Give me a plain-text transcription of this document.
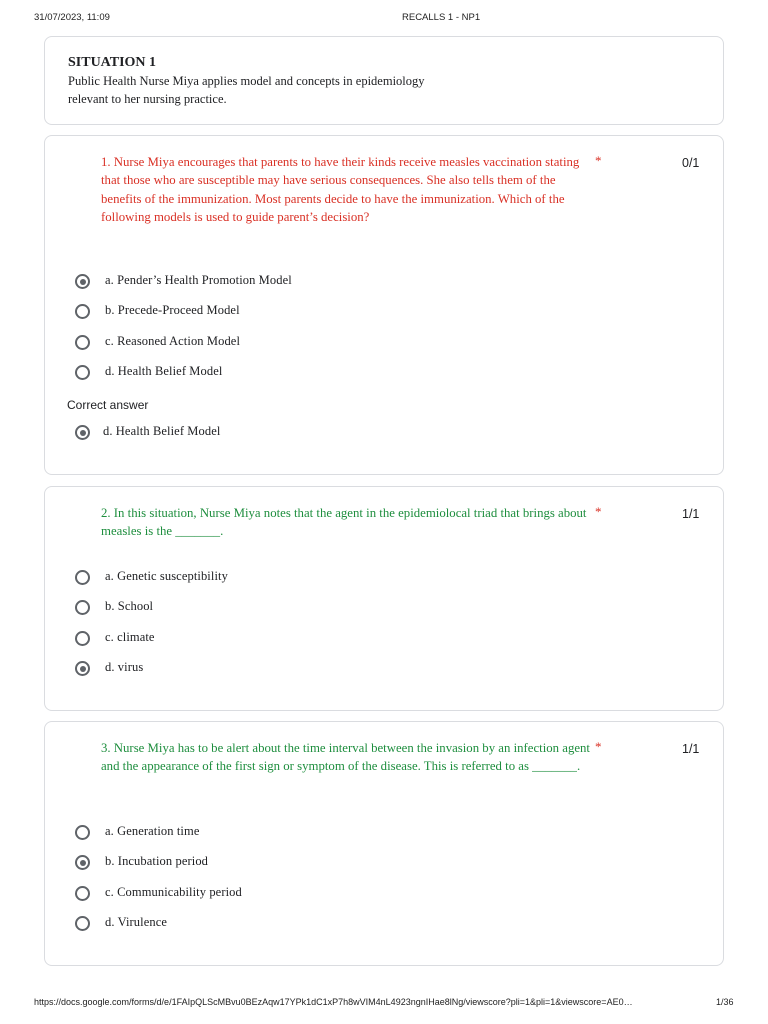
31/07/2023, 11:09	RECALLS 1 - NP1
SITUATION 1
Public Health Nurse Miya applies model and concepts in epidemiology relevant to her nursing practice.
1. Nurse Miya encourages that parents to have their kinds receive measles vaccination stating that those who are susceptible may have serious consequences. She also tells them of the benefits of the immunization. Most parents decide to have the immunization. Which of the following models is used to guide parent’s decision?
*	0/1
a. Pender’s Health Promotion Model
b. Precede-Proceed Model
c. Reasoned Action Model
d. Health Belief Model
Correct answer
d. Health Belief Model
2. In this situation, Nurse Miya notes that the agent in the epidemiolocal triad that brings about measles is the _______.
*	1/1
a. Genetic susceptibility
b. School
c. climate
d. virus
3. Nurse Miya has to be alert about the time interval between the invasion by an infection agent and the appearance of the first sign or symptom of the disease. This is referred to as _______.
*	1/1
a. Generation time
b. Incubation period
c. Communicability period
d. Virulence
https://docs.google.com/forms/d/e/1FAIpQLScMBvu0BEzAqw17YPk1dC1xP7h8wVIM4nL4923ngnIHae8lNg/viewscore?pli=1&pli=1&viewscore=AE0…	1/36
